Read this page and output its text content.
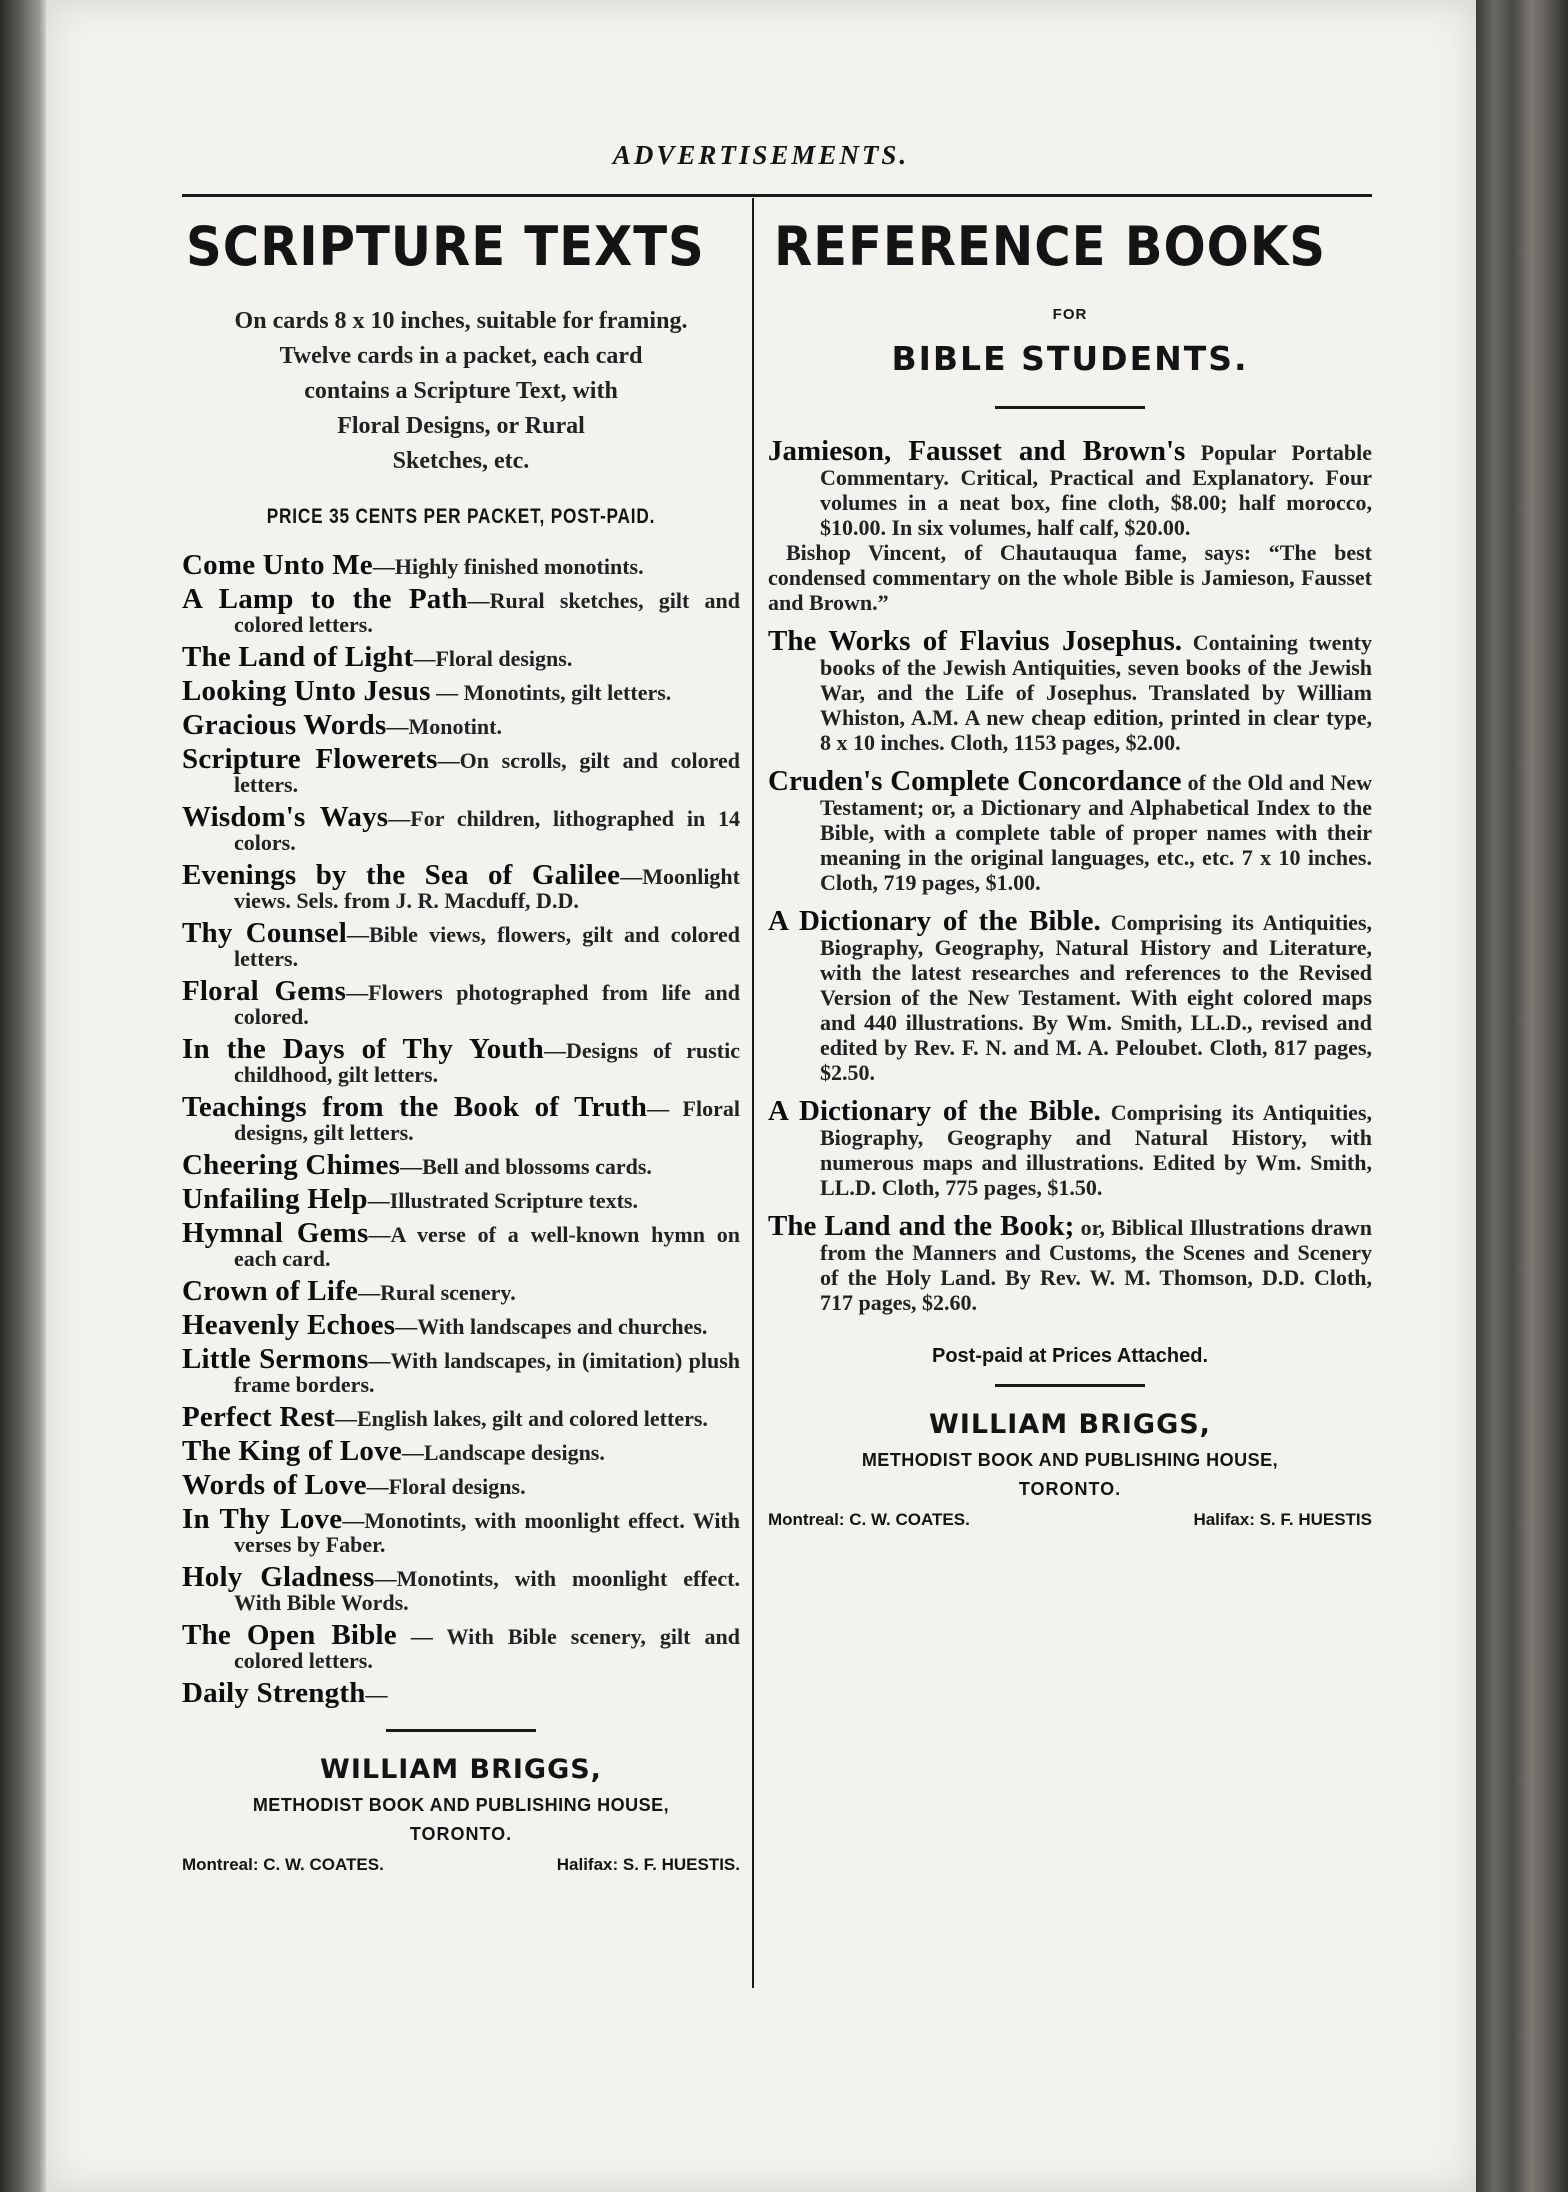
ADVERTISEMENTS.
SCRIPTURE TEXTS
On cards 8 x 10 inches, suitable for framing.
Twelve cards in a packet, each card
contains a Scripture Text, with
Floral Designs, or Rural
Sketches, etc.
PRICE 35 CENTS PER PACKET, POST-PAID.
Come Unto Me—Highly finished monotints.
A Lamp to the Path—Rural sketches, gilt and colored letters.
The Land of Light—Floral designs.
Looking Unto Jesus — Monotints, gilt letters.
Gracious Words—Monotint.
Scripture Flowerets—On scrolls, gilt and colored letters.
Wisdom's Ways—For children, lithographed in 14 colors.
Evenings by the Sea of Galilee—Moonlight views. Sels. from J. R. Macduff, D.D.
Thy Counsel—Bible views, flowers, gilt and colored letters.
Floral Gems—Flowers photographed from life and colored.
In the Days of Thy Youth—Designs of rustic childhood, gilt letters.
Teachings from the Book of Truth— Floral designs, gilt letters.
Cheering Chimes—Bell and blossoms cards.
Unfailing Help—Illustrated Scripture texts.
Hymnal Gems—A verse of a well-known hymn on each card.
Crown of Life—Rural scenery.
Heavenly Echoes—With landscapes and churches.
Little Sermons—With landscapes, in (imitation) plush frame borders.
Perfect Rest—English lakes, gilt and colored letters.
The King of Love—Landscape designs.
Words of Love—Floral designs.
In Thy Love—Monotints, with moonlight effect. With verses by Faber.
Holy Gladness—Monotints, with moonlight effect. With Bible Words.
The Open Bible — With Bible scenery, gilt and colored letters.
Daily Strength—
WILLIAM BRIGGS,
METHODIST BOOK AND PUBLISHING HOUSE,
TORONTO.
Montreal: C. W. COATES.	Halifax: S. F. HUESTIS.
REFERENCE BOOKS
FOR
BIBLE STUDENTS.
Jamieson, Fausset and Brown's Popular Portable Commentary. Critical, Practical and Explanatory. Four volumes in a neat box, fine cloth, $8.00; half morocco, $10.00. In six volumes, half calf, $20.00.
Bishop Vincent, of Chautauqua fame, says: “The best condensed commentary on the whole Bible is Jamieson, Fausset and Brown.”
The Works of Flavius Josephus. Containing twenty books of the Jewish Antiquities, seven books of the Jewish War, and the Life of Josephus. Translated by William Whiston, A.M. A new cheap edition, printed in clear type, 8 x 10 inches. Cloth, 1153 pages, $2.00.
Cruden's Complete Concordance of the Old and New Testament; or, a Dictionary and Alphabetical Index to the Bible, with a complete table of proper names with their meaning in the original languages, etc., etc. 7 x 10 inches. Cloth, 719 pages, $1.00.
A Dictionary of the Bible. Comprising its Antiquities, Biography, Geography, Natural History and Literature, with the latest researches and references to the Revised Version of the New Testament. With eight colored maps and 440 illustrations. By Wm. Smith, LL.D., revised and edited by Rev. F. N. and M. A. Peloubet. Cloth, 817 pages, $2.50.
A Dictionary of the Bible. Comprising its Antiquities, Biography, Geography and Natural History, with numerous maps and illustrations. Edited by Wm. Smith, LL.D. Cloth, 775 pages, $1.50.
The Land and the Book; or, Biblical Illustrations drawn from the Manners and Customs, the Scenes and Scenery of the Holy Land. By Rev. W. M. Thomson, D.D. Cloth, 717 pages, $2.60.
Post-paid at Prices Attached.
WILLIAM BRIGGS,
METHODIST BOOK AND PUBLISHING HOUSE,
TORONTO.
Montreal: C. W. COATES.	Halifax: S. F. HUESTIS
